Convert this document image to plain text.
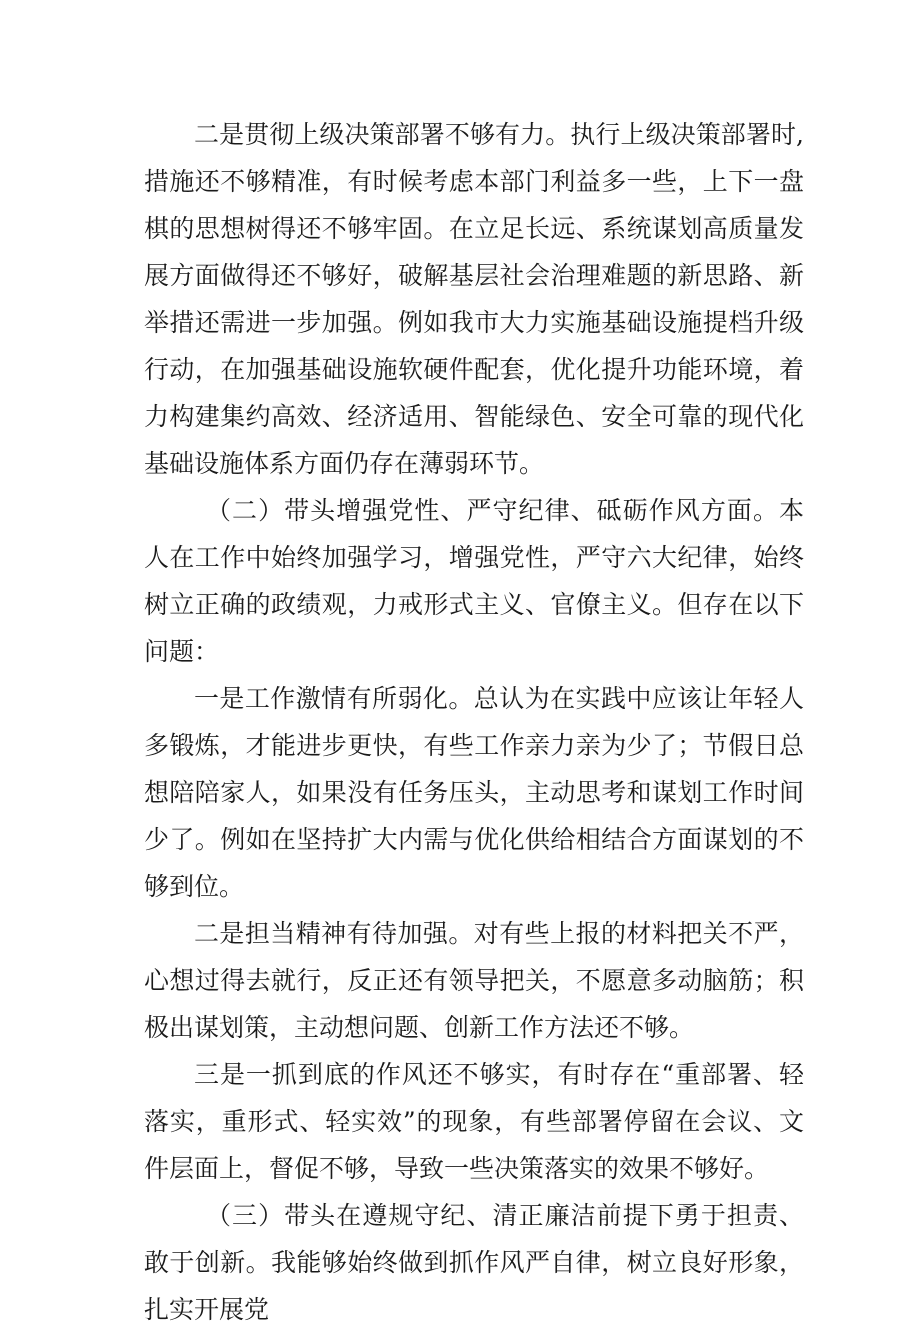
二是贯彻上级决策部署不够有力。执行上级决策部署时,措施还不够精准，有时候考虑本部门利益多一些，上下一盘棋的思想树得还不够牢固。在立足长远、系统谋划高质量发展方面做得还不够好，破解基层社会治理难题的新思路、新举措还需进一步加强。例如我市大力实施基础设施提档升级行动，在加强基础设施软硬件配套，优化提升功能环境，着力构建集约高效、经济适用、智能绿色、安全可靠的现代化基础设施体系方面仍存在薄弱环节。

（二）带头增强党性、严守纪律、砥砺作风方面。本人在工作中始终加强学习，增强党性，严守六大纪律，始终树立正确的政绩观，力戒形式主义、官僚主义。但存在以下问题：

一是工作激情有所弱化。总认为在实践中应该让年轻人多锻炼，才能进步更快，有些工作亲力亲为少了；节假日总想陪陪家人，如果没有任务压头，主动思考和谋划工作时间少了。例如在坚持扩大内需与优化供给相结合方面谋划的不够到位。

二是担当精神有待加强。对有些上报的材料把关不严，心想过得去就行，反正还有领导把关，不愿意多动脑筋；积极出谋划策，主动想问题、创新工作方法还不够。

三是一抓到底的作风还不够实，有时存在“重部署、轻落实，重形式、轻实效”的现象，有些部署停留在会议、文件层面上，督促不够，导致一些决策落实的效果不够好。

（三）带头在遵规守纪、清正廉洁前提下勇于担责、敢于创新。我能够始终做到抓作风严自律，树立良好形象，扎实开展党
